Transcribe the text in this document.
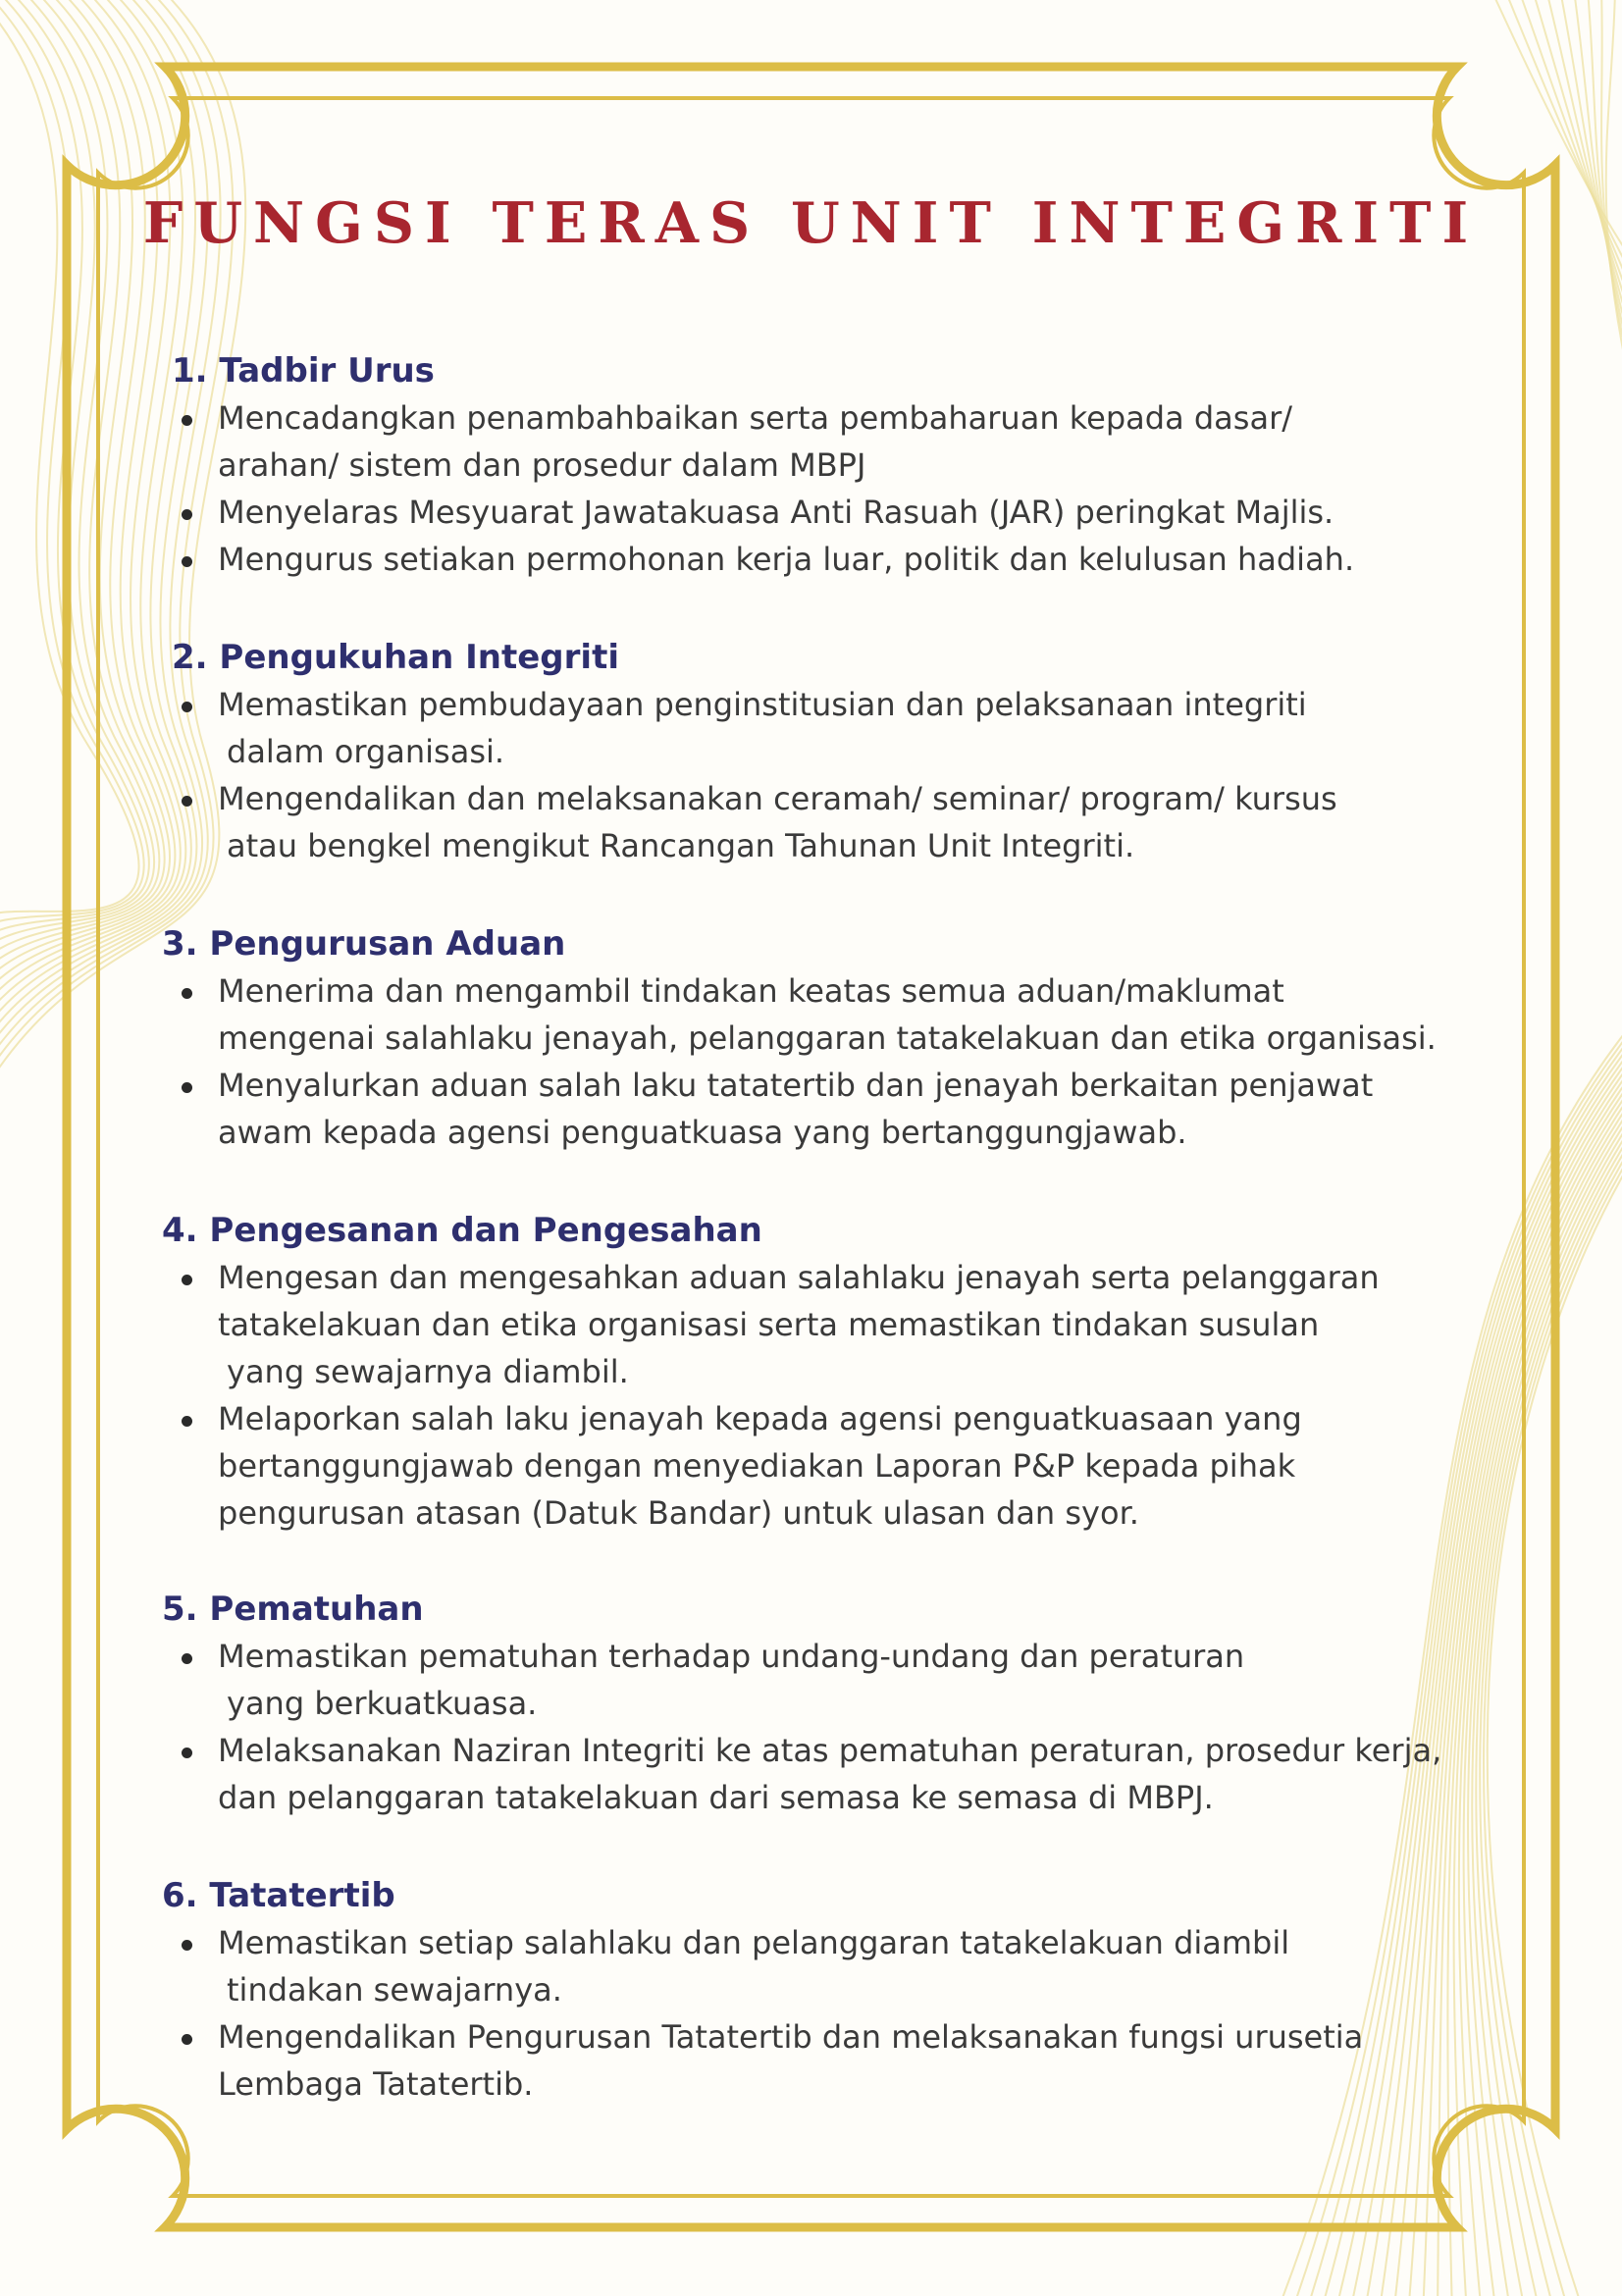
FUNGSI TERAS UNIT INTEGRITI
1. Tadbir Urus
Mencadangkan penambahbaikan serta pembaharuan kepada dasar/
arahan/ sistem dan prosedur dalam MBPJ
Menyelaras Mesyuarat Jawatakuasa Anti Rasuah (JAR) peringkat Majlis.
Mengurus setiakan permohonan kerja luar, politik dan kelulusan hadiah.
2. Pengukuhan Integriti
Memastikan pembudayaan penginstitusian dan pelaksanaan integriti
dalam organisasi.
Mengendalikan dan melaksanakan ceramah/ seminar/ program/ kursus
atau bengkel mengikut Rancangan Tahunan Unit Integriti.
3. Pengurusan Aduan
Menerima dan mengambil tindakan keatas semua aduan/maklumat
mengenai salahlaku jenayah, pelanggaran tatakelakuan dan etika organisasi.
Menyalurkan aduan salah laku tatatertib dan jenayah berkaitan penjawat
awam kepada agensi penguatkuasa yang bertanggungjawab.
4. Pengesanan dan Pengesahan
Mengesan dan mengesahkan aduan salahlaku jenayah serta pelanggaran
tatakelakuan dan etika organisasi serta memastikan tindakan susulan
yang sewajarnya diambil.
Melaporkan salah laku jenayah kepada agensi penguatkuasaan yang
bertanggungjawab dengan menyediakan Laporan P&P kepada pihak
pengurusan atasan (Datuk Bandar) untuk ulasan dan syor.
5. Pematuhan
Memastikan pematuhan terhadap undang-undang dan peraturan
yang berkuatkuasa.
Melaksanakan Naziran Integriti ke atas pematuhan peraturan, prosedur kerja,
dan pelanggaran tatakelakuan dari semasa ke semasa di MBPJ.
6. Tatatertib
Memastikan setiap salahlaku dan pelanggaran tatakelakuan diambil
tindakan sewajarnya.
Mengendalikan Pengurusan Tatatertib dan melaksanakan fungsi urusetia
Lembaga Tatatertib.
